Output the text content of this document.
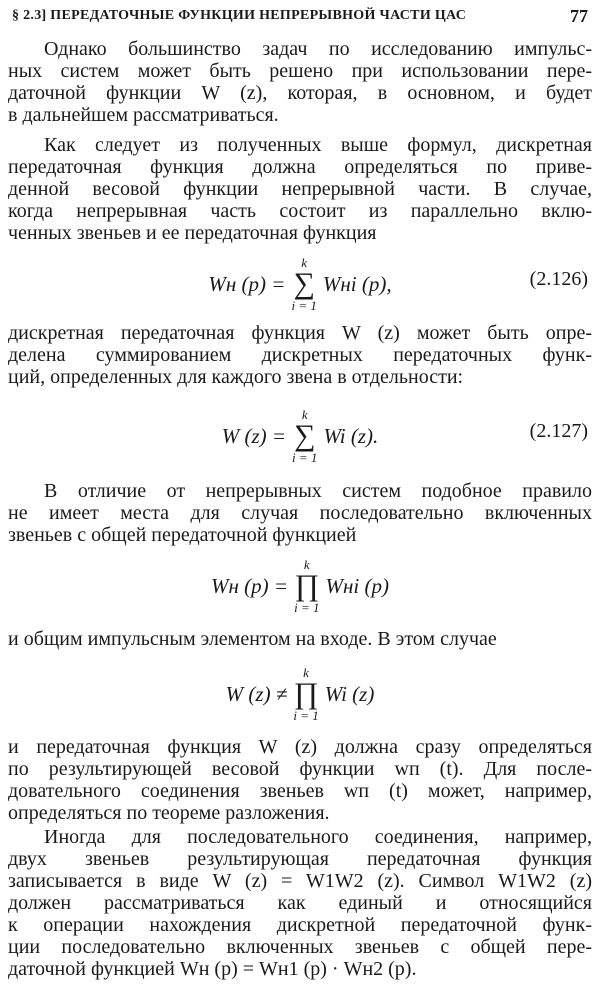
§ 2.3] ПЕРЕДАТОЧНЫЕ ФУНКЦИИ НЕПРЕРЫВНОЙ ЧАСТИ ЦАС	77
Однако большинство задач по исследованию импульс-
ных систем может быть решено при использовании пере-
даточной функции W (z), которая, в основном, и будет
в дальнейшем рассматриваться.
Как следует из полученных выше формул, дискретная
передаточная функция должна определяться по приве-
денной весовой функции непрерывной части. В случае,
когда непрерывная часть состоит из параллельно вклю-
ченных звеньев и ее передаточная функция
Wн (p) =
k
∑
i = 1
Wнi (p),	(2.126)
дискретная передаточная функция W (z) может быть опре-
делена суммированием дискретных передаточных функ-
ций, определенных для каждого звена в отдельности:
W (z) =
k
∑
i = 1
Wi (z).	(2.127)
В отличие от непрерывных систем подобное правило
не имеет места для случая последовательно включенных
звеньев с общей передаточной функцией
Wн (p) =
k
∏
i = 1
Wнi (p)
и общим импульсным элементом на входе. В этом случае
W (z) ≠
k
∏
i = 1
Wi (z)
и передаточная функция W (z) должна сразу определяться
по результирующей весовой функции wп (t). Для после-
довательного соединения звеньев wп (t) может, например,
определяться по теореме разложения.
Иногда для последовательного соединения, например,
двух звеньев результирующая передаточная функция
записывается в виде W (z) = W1W2 (z). Символ W1W2 (z)
должен рассматриваться как единый и относящийся
к операции нахождения дискретной передаточной функ-
ции последовательно включенных звеньев с общей пере-
даточной функцией Wн (p) = Wн1 (p) · Wн2 (p).
